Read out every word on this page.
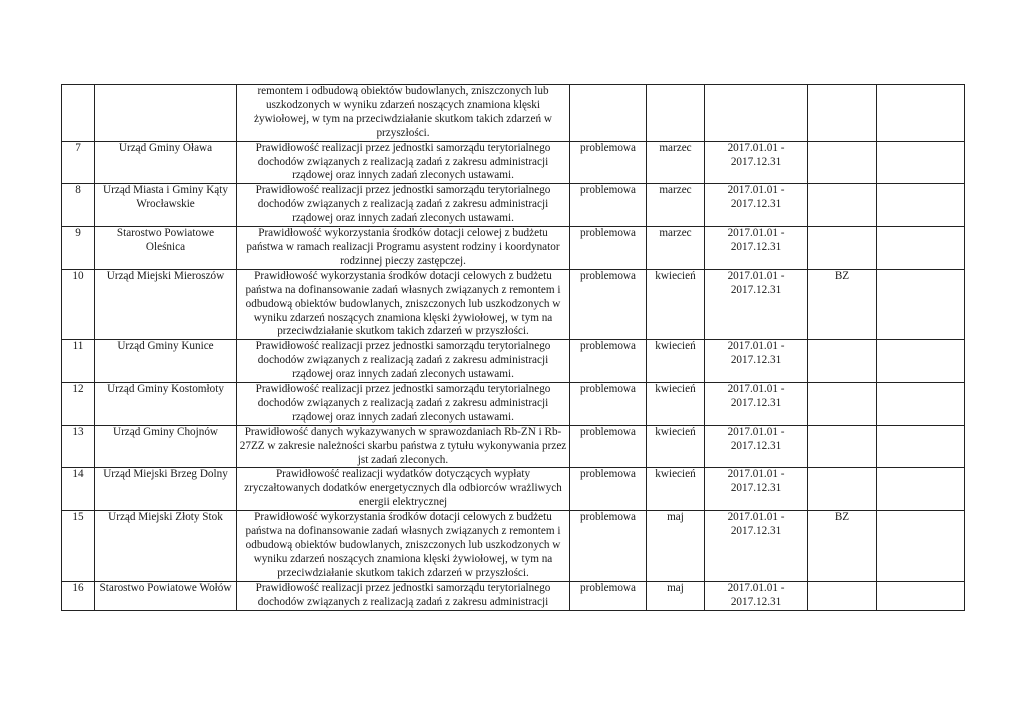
		remontem i odbudową obiektów budowlanych, zniszczonych lub uszkodzonych w wyniku zdarzeń noszących znamiona klęski żywiołowej, w tym na przeciwdziałanie skutkom takich zdarzeń w przyszłości.					
7	Urząd Gminy Oława	Prawidłowość realizacji przez jednostki samorządu terytorialnego dochodów związanych z realizacją zadań z zakresu administracji rządowej oraz innych zadań zleconych ustawami.	problemowa	marzec	2017.01.01 - 2017.12.31		
8	Urząd Miasta i Gminy Kąty Wrocławskie	Prawidłowość realizacji przez jednostki samorządu terytorialnego dochodów związanych z realizacją zadań z zakresu administracji rządowej oraz innych zadań zleconych ustawami.	problemowa	marzec	2017.01.01 - 2017.12.31		
9	Starostwo Powiatowe Oleśnica	Prawidłowość wykorzystania środków dotacji celowej z budżetu państwa w ramach realizacji Programu asystent rodziny i koordynator rodzinnej pieczy zastępczej.	problemowa	marzec	2017.01.01 - 2017.12.31		
10	Urząd Miejski Mieroszów	Prawidłowość wykorzystania środków dotacji celowych z budżetu państwa na dofinansowanie zadań własnych związanych z remontem i odbudową obiektów budowlanych, zniszczonych lub uszkodzonych w wyniku zdarzeń noszących znamiona klęski żywiołowej, w tym na przeciwdziałanie skutkom takich zdarzeń w przyszłości.	problemowa	kwiecień	2017.01.01 - 2017.12.31	BZ	
11	Urząd Gminy Kunice	Prawidłowość realizacji przez jednostki samorządu terytorialnego dochodów związanych z realizacją zadań z zakresu administracji rządowej oraz innych zadań zleconych ustawami.	problemowa	kwiecień	2017.01.01 - 2017.12.31		
12	Urząd Gminy Kostomłoty	Prawidłowość realizacji przez jednostki samorządu terytorialnego dochodów związanych z realizacją zadań z zakresu administracji rządowej oraz innych zadań zleconych ustawami.	problemowa	kwiecień	2017.01.01 - 2017.12.31		
13	Urząd Gminy Chojnów	Prawidłowość danych wykazywanych w sprawozdaniach Rb-ZN i Rb-27ZZ w zakresie należności skarbu państwa z tytułu wykonywania przez jst zadań zleconych.	problemowa	kwiecień	2017.01.01 - 2017.12.31		
14	Urząd Miejski Brzeg Dolny	Prawidłowość realizacji wydatków dotyczących wypłaty zryczałtowanych dodatków energetycznych dla odbiorców wrażliwych energii elektrycznej	problemowa	kwiecień	2017.01.01 - 2017.12.31		
15	Urząd Miejski Złoty Stok	Prawidłowość wykorzystania środków dotacji celowych z budżetu państwa na dofinansowanie zadań własnych związanych z remontem i odbudową obiektów budowlanych, zniszczonych lub uszkodzonych w wyniku zdarzeń noszących znamiona klęski żywiołowej, w tym na przeciwdziałanie skutkom takich zdarzeń w przyszłości.	problemowa	maj	2017.01.01 - 2017.12.31	BZ	
16	Starostwo Powiatowe Wołów	Prawidłowość realizacji przez jednostki samorządu terytorialnego dochodów związanych z realizacją zadań z zakresu administracji	problemowa	maj	2017.01.01 - 2017.12.31		
